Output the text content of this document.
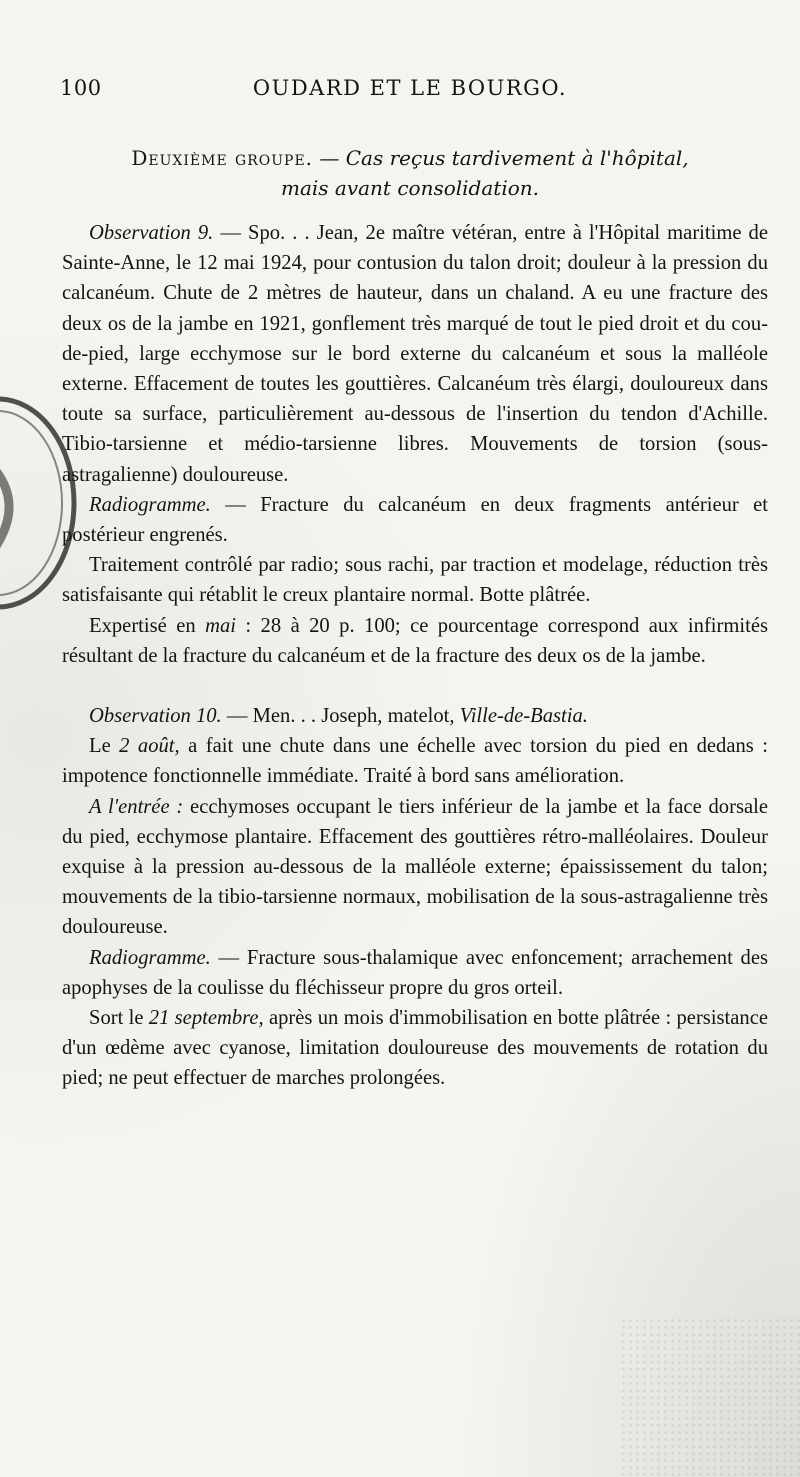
100	OUDARD ET LE BOURGO.
Deuxième groupe. — Cas reçus tardivement à l'hôpital,
mais avant consolidation.

Observation 9. — Spo. . . Jean, 2e maître vétéran, entre à l'Hôpital maritime de Sainte-Anne, le 12 mai 1924, pour contusion du talon droit; douleur à la pression du calcanéum. Chute de 2 mètres de hauteur, dans un chaland. A eu une fracture des deux os de la jambe en 1921, gonflement très marqué de tout le pied droit et du cou-de-pied, large ecchymose sur le bord externe du calcanéum et sous la malléole externe. Effacement de toutes les gouttières. Calcanéum très élargi, douloureux dans toute sa surface, particulièrement au-dessous de l'insertion du tendon d'Achille. Tibio-tarsienne et médio-tarsienne libres. Mouvements de torsion (sous-astragalienne) douloureuse.

Radiogramme. — Fracture du calcanéum en deux fragments antérieur et postérieur engrenés.

Traitement contrôlé par radio; sous rachi, par traction et modelage, réduction très satisfaisante qui rétablit le creux plantaire normal. Botte plâtrée.

Expertisé en mai : 28 à 20 p. 100; ce pourcentage correspond aux infirmités résultant de la fracture du calcanéum et de la fracture des deux os de la jambe.

Observation 10. — Men. . . Joseph, matelot, Ville-de-Bastia.

Le 2 août, a fait une chute dans une échelle avec torsion du pied en dedans : impotence fonctionnelle immédiate. Traité à bord sans amélioration.

A l'entrée : ecchymoses occupant le tiers inférieur de la jambe et la face dorsale du pied, ecchymose plantaire. Effacement des gouttières rétro-malléolaires. Douleur exquise à la pression au-dessous de la malléole externe; épaississement du talon; mouvements de la tibio-tarsienne normaux, mobilisation de la sous-astragalienne très douloureuse.

Radiogramme. — Fracture sous-thalamique avec enfoncement; arrachement des apophyses de la coulisse du fléchisseur propre du gros orteil.

Sort le 21 septembre, après un mois d'immobilisation en botte plâtrée : persistance d'un œdème avec cyanose, limitation douloureuse des mouvements de rotation du pied; ne peut effectuer de marches prolongées.
